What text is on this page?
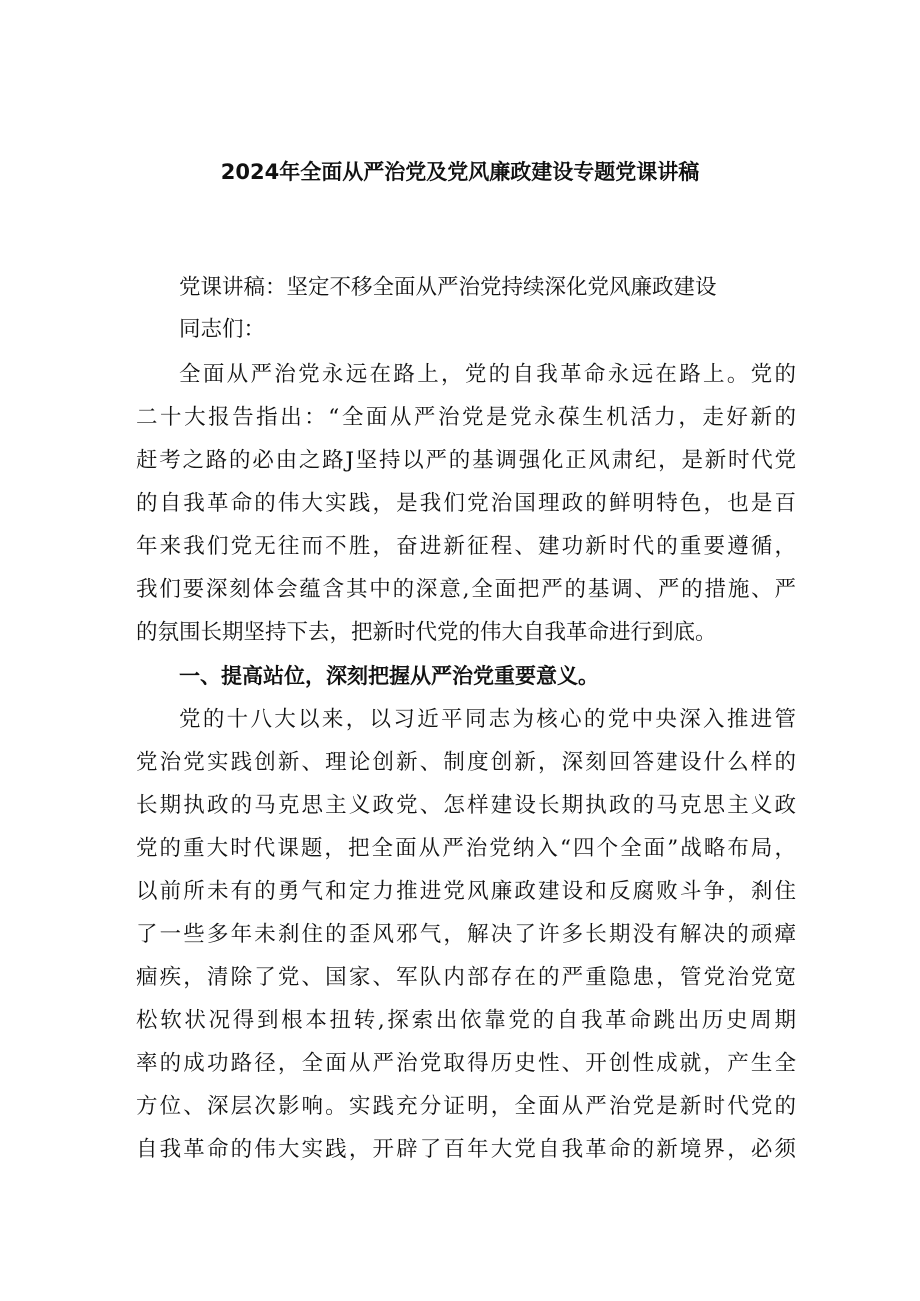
2024年全面从严治党及党风廉政建设专题党课讲稿
党课讲稿：坚定不移全面从严治党持续深化党风廉政建设
同志们：
全面从严治党永远在路上，党的自我革命永远在路上。党的
二十大报告指出：“全面从严治党是党永葆生机活力，走好新的
赶考之路的必由之路J坚持以严的基调强化正风肃纪，是新时代党
的自我革命的伟大实践，是我们党治国理政的鲜明特色，也是百
年来我们党无往而不胜，奋进新征程、建功新时代的重要遵循，
我们要深刻体会蕴含其中的深意,全面把严的基调、严的措施、严
的氛围长期坚持下去，把新时代党的伟大自我革命进行到底。
一、提高站位，深刻把握从严治党重要意义。
党的十八大以来，以习近平同志为核心的党中央深入推进管
党治党实践创新、理论创新、制度创新，深刻回答建设什么样的
长期执政的马克思主义政党、怎样建设长期执政的马克思主义政
党的重大时代课题，把全面从严治党纳入“四个全面”战略布局，
以前所未有的勇气和定力推进党风廉政建设和反腐败斗争，刹住
了一些多年未刹住的歪风邪气，解决了许多长期没有解决的顽瘴
痼疾，清除了党、国家、军队内部存在的严重隐患，管党治党宽
松软状况得到根本扭转,探索出依靠党的自我革命跳出历史周期
率的成功路径，全面从严治党取得历史性、开创性成就，产生全
方位、深层次影响。实践充分证明，全面从严治党是新时代党的
自我革命的伟大实践，开辟了百年大党自我革命的新境界，必须
